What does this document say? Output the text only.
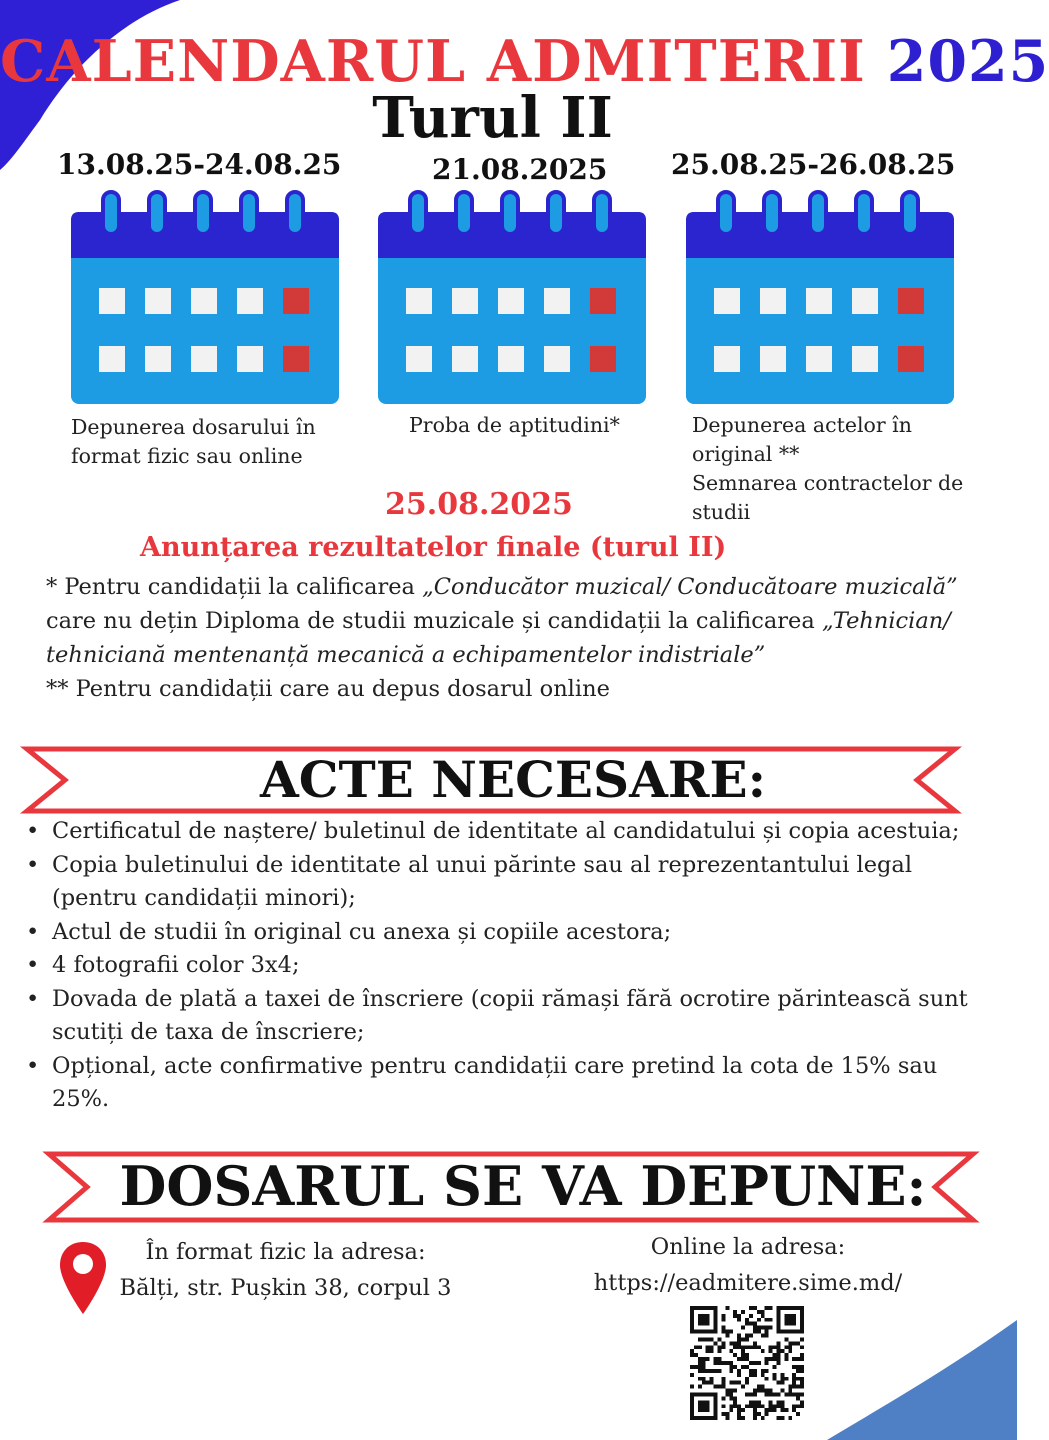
CALENDARUL ADMITERII 2025
Turul II
13.08.25-24.08.25
Depunerea dosarului în
format fizic sau online
21.08.2025
Proba de aptitudini*
25.08.25-26.08.25
Depunerea actelor în
original **
Semnarea contractelor de
studii
25.08.2025
Anunțarea rezultatelor finale (turul II)

* Pentru candidații la calificarea „Conducător muzical/ Conducătoare muzicală” care nu dețin Diploma de studii muzicale și candidații la calificarea „Tehnician/ tehniciană mentenanță mecanică a echipamentelor indistriale”

** Pentru candidații care au depus dosarul online

ACTE NECESARE:
• Certificatul de naștere/ buletinul de identitate al candidatului și copia acestuia;
• Copia buletinului de identitate al unui părinte sau al reprezentantului legal (pentru candidații minori);
• Actul de studii în original cu anexa și copiile acestora;
• 4 fotografii color 3x4;
• Dovada de plată a taxei de înscriere (copii rămași fără ocrotire părintească sunt scutiți de taxa de înscriere;
• Opțional, acte confirmative pentru candidații care pretind la cota de 15% sau 25%.
DOSARUL SE VA DEPUNE:
În format fizic la adresa:
Bălți, str. Pușkin 38, corpul 3
Online la adresa:
https://eadmitere.sime.md/
